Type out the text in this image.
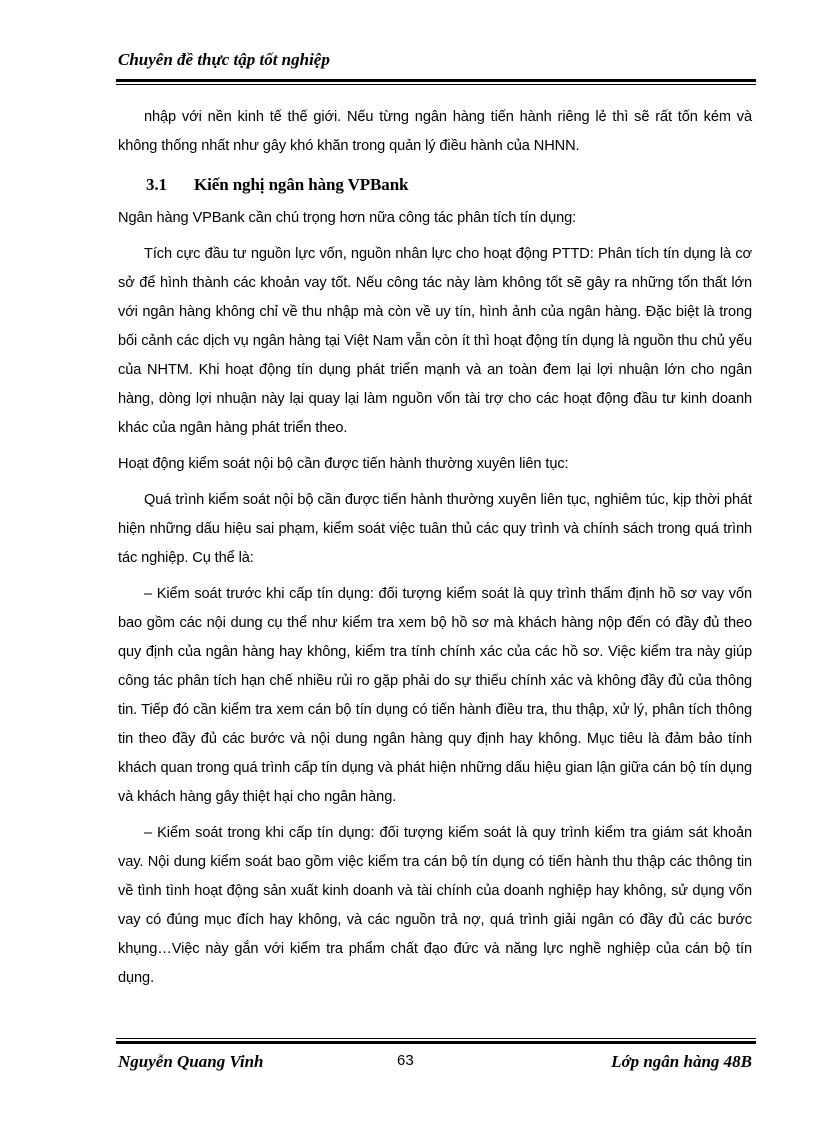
Chuyên đề thực tập tốt nghiệp

nhập với nền kinh tế thế giới. Nếu từng ngân hàng tiến hành riêng lẻ thì sẽ rất tốn kém và không thống nhất như gây khó khăn trong quản lý điều hành của NHNN.

3.1 Kiến nghị ngân hàng VPBank

Ngân hàng VPBank cần chú trọng hơn nữa công tác phân tích tín dụng:

Tích cực đầu tư nguồn lực vốn, nguồn nhân lực cho hoạt động PTTD: Phân tích tín dụng là cơ sở để hình thành các khoản vay tốt. Nếu công tác này làm không tốt sẽ gây ra những tổn thất lớn với ngân hàng không chỉ về thu nhập mà còn về uy tín, hình ảnh của ngân hàng. Đặc biệt là trong bối cảnh các dịch vụ ngân hàng tại Việt Nam vẫn còn ít thì hoạt động tín dụng là nguồn thu chủ yếu của NHTM. Khi hoạt động tín dụng phát triển mạnh và an toàn đem lại lợi nhuận lớn cho ngân hàng, dòng lợi nhuận này lại quay lại làm nguồn vốn tài trợ cho các hoạt động đầu tư kinh doanh khác của ngân hàng phát triển theo.

Hoạt động kiểm soát nội bộ cần được tiến hành thường xuyên liên tục:

Quá trình kiểm soát nội bộ cần được tiến hành thường xuyên liên tục, nghiêm túc, kịp thời phát hiện những dấu hiệu sai phạm, kiểm soát việc tuân thủ các quy trình và chính sách trong quá trình tác nghiệp. Cụ thể là:

– Kiểm soát trước khi cấp tín dụng: đối tượng kiểm soát là quy trình thẩm định hồ sơ vay vốn bao gồm các nội dung cụ thể như kiểm tra xem bộ hồ sơ mà khách hàng nộp đến có đầy đủ theo quy định của ngân hàng hay không, kiểm tra tính chính xác của các hồ sơ. Việc kiểm tra này giúp công tác phân tích hạn chế nhiều rủi ro gặp phải do sự thiếu chính xác và không đầy đủ của thông tin. Tiếp đó cần kiểm tra xem cán bộ tín dụng có tiến hành điều tra, thu thập, xử lý, phân tích thông tin theo đầy đủ các bước và nội dung ngân hàng quy định hay không. Mục tiêu là đảm bảo tính khách quan trong quá trình cấp tín dụng và phát hiện những dấu hiệu gian lận giữa cán bộ tín dụng và khách hàng gây thiệt hại cho ngân hàng.

– Kiểm soát trong khi cấp tín dụng: đối tượng kiểm soát là quy trình kiểm tra giám sát khoản vay. Nội dung kiểm soát bao gồm việc kiểm tra cán bộ tín dụng có tiến hành thu thập các thông tin về tình tình hoạt động sản xuất kinh doanh và tài chính của doanh nghiệp hay không, sử dụng vốn vay có đúng mục đích hay không, và các nguồn trả nợ, quá trình giải ngân có đầy đủ các bước khụng…Việc này gắn với kiểm tra phẩm chất đạo đức và năng lực nghề nghiệp của cán bộ tín dụng.

Nguyễn Quang Vinh	63	Lớp ngân hàng 48B
